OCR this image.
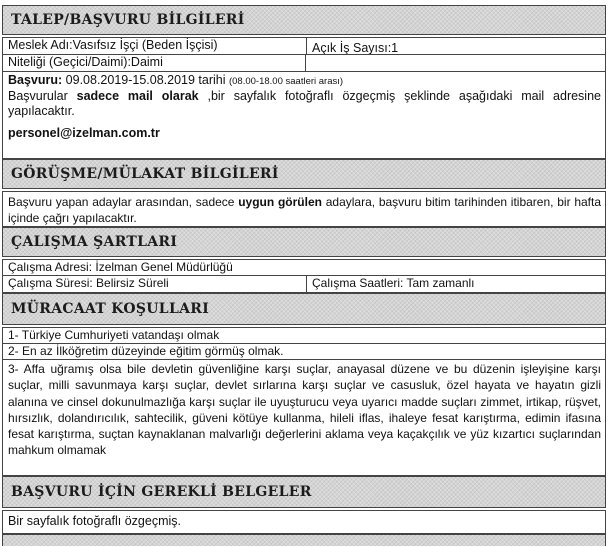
TALEP/BAŞVURU BİLGİLERİ
Meslek Adı:Vasıfsız İşçi (Beden İşçisi)	Açık İş Sayısı:1
Niteliği (Geçici/Daimi):Daimi
Başvuru: 09.08.2019-15.08.2019 tarihi (08.00-18.00 saatleri arası)
Başvurular sadece mail olarak ,bir sayfalık fotoğraflı özgeçmiş şeklinde aşağıdaki mail adresine yapılacaktır.
personel@izelman.com.tr
GÖRÜŞME/MÜLAKAT BİLGİLERİ
Başvuru yapan adaylar arasından, sadece uygun görülen adaylara, başvuru bitim tarihinden itibaren, bir hafta içinde çağrı yapılacaktır.
ÇALIŞMA ŞARTLARI
Çalışma Adresi: İzelman Genel Müdürlüğü
Çalışma Süresi: Belirsiz Süreli	Çalışma Saatleri: Tam zamanlı
MÜRACAAT KOŞULLARI
1- Türkiye Cumhuriyeti vatandaşı olmak
2- En az İlköğretim düzeyinde eğitim görmüş olmak.
3- Affa uğramış olsa bile devletin güvenliğine karşı suçlar, anayasal düzene ve bu düzenin işleyişine karşı suçlar, milli savunmaya karşı suçlar, devlet sırlarına karşı suçlar ve casusluk, özel hayata ve hayatın gizli alanına ve cinsel dokunulmazlığa karşı suçlar ile uyuşturucu veya uyarıcı madde suçları zimmet, irtikap, rüşvet, hırsızlık, dolandırıcılık, sahtecilik, güveni kötüye kullanma, hileli iflas, ihaleye fesat karıştırma, edimin ifasına fesat karıştırma, suçtan kaynaklanan malvarlığı değerlerini aklama veya kaçakçılık ve yüz kızartıcı suçlarından mahkum olmamak
BAŞVURU İÇİN GEREKLİ BELGELER
Bir sayfalık fotoğraflı özgeçmiş.
